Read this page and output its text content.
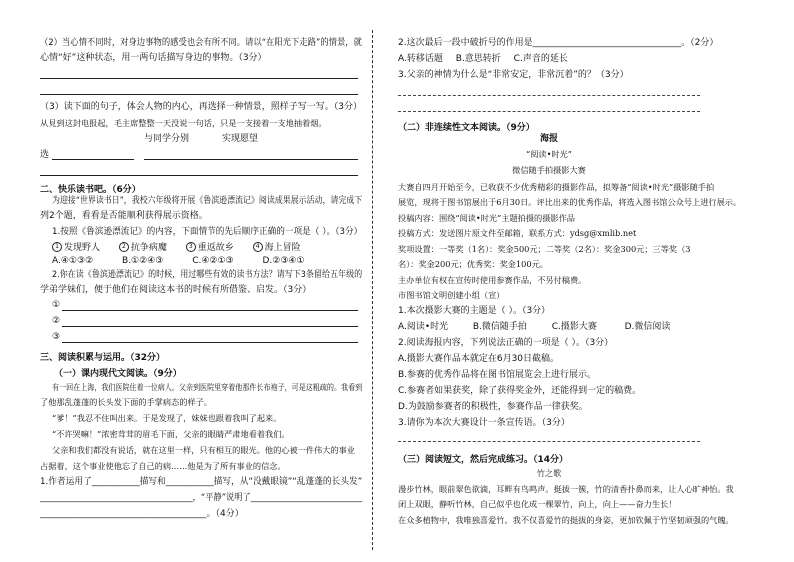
（2）当心情不同时，对身边事物的感受也会有所不同。请以“在阳光下走路”的情景，就
心情“好”这种状态，用一两句话描写身边的事物。（3分）
（3）读下面的句子，体会人物的内心，再选择一种情景，照样子写一写。（3分）
从見到这封电报起，毛主席整整一天没说一句话，只是一支接着一支地抽着烟。
与同学分别	实现愿望
选
二、快乐读书吧。（6分）
为迎接“世界读书日”，我校六年级将开展《鲁滨逊漂流记》阅读成果展示活动，请完成下
列2个题，看看是否能顺利获得展示资格。
1.按照《鲁滨逊漂流记》的内容，下面情节的先后顺序正确的一项是（ ）。（3分）
1 发现野人	2 抗争病魔	3 重返故乡	4 海上冒险
A.④①③②	B.①②④③	C.④②①③	D.②③④①
2.你在读《鲁滨逊漂流记》的时候，用过哪些有效的读书方法？请写下3条留给五年级的
学弟学妹们，便于他们在阅读这本书的时候有所借鉴、启发。（3分）
①
②
③
三、阅读积累与运用。（32分）
（一）课内现代文阅读。（9分）
有一回在上海，我们医院住着一位病人。父亲到医院里穿着他那件长布袍子，可是这粗疏的。我看到
了他那乱蓬蓬的长头发下面的手掌病态的样子。
“爹！”我忍不住叫出来。于是发现了，妹妹也跟着我叫了起来。
“不许哭嘛！”浓密茸茸的眉毛下面，父亲的眼睛严肃地看着我们。
父亲和我们都没有说话，就在这里一样，只有相互的眼光。他的心被一件伟大的事业
占据着，这个事业使他忘了自己的病……他是为了所有事业的信念。
1.作者运用了___________描写和___________描写，从“没戴眼镜”“乱蓬蓬的长头发”
_____________________________________，“平静”说明了___________________________
_____________________________________。（4分）
2.这次最后一段中破折号的作用是_________________________________。（2分）
A.转移话题 B.意思转折 C.声音的延长
3.父亲的神情为什么是“非常安定，非常沉着”的？（3分）
（二）非连续性文本阅读。（9分）
海报
“阅读•时光”
微信随手拍摄影大赛
大赛自四月开始至今，已收获不少优秀精彩的摄影作品，拟筹备“阅读•时光”摄影随手拍
展览，现将于图书馆展出于6月30日。评比出来的优秀作品，将选入图书馆公众号上进行展示。
投稿内容：围绕“阅读•时光”主题拍摄的摄影作品
投稿方式：发送图片原文件至邮箱，联系方式：ydsg@xmlib.net
奖项设置：一等奖（1名）：奖金500元；二等奖（2名）：奖金300元；三等奖（3
名）：奖金200元；优秀奖：奖金100元。
主办单位有权在宣传时使用参赛作品，不另付稿费。
市图书馆文明创建小组（宣）
1.本次摄影大赛的主题是（ ）。（3分）
A.阅读•时光	B.微信随手拍	C.摄影大赛	D.微信阅读
2.阅读海报内容，下列说法正确的一项是（ ）。（3分）
A.摄影大赛作品本就定在6月30日截稿。
B.参赛的优秀作品将在图书馆展览会上进行展示。
C.参赛者如果获奖，除了获得奖金外，还能得到一定的稿费。
D.为鼓励参赛者的积极性，参赛作品一律获奖。
3.请你为本次大赛设计一条宣传语。（3分）
（三）阅读短文，然后完成练习。（14分）
竹之歌
漫步竹林，眼前翠色欲滴，耳畔有鸟鸣声。挺拔一簇，竹的清香扑鼻而来，让人心旷神怡。我
闭上双眼，静听竹林，自己似乎也化成一棵翠竹，向上，向上——奋力生长！
在众多植物中，我唯独喜爱竹。我不仅喜爱竹的挺拔的身姿，更加钦佩于竹坚韧顽强的气魄。
